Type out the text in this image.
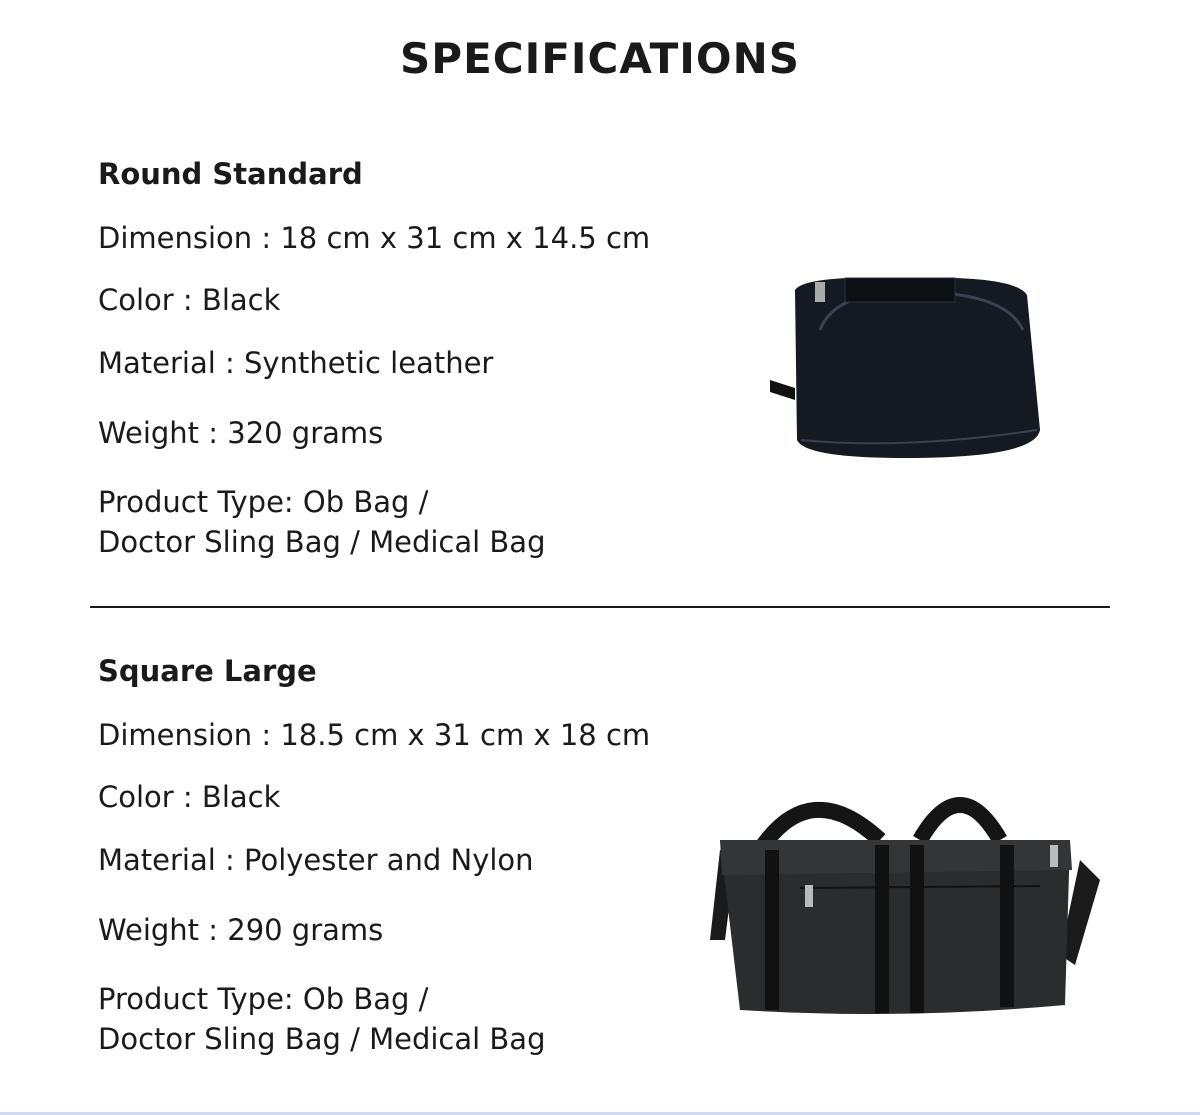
SPECIFICATIONS
Round Standard
Dimension : 18 cm x 31 cm x 14.5 cm
Color : Black
Material : Synthetic leather
Weight : 320 grams
Product Type: Ob Bag /
Doctor Sling Bag / Medical Bag
Square Large
Dimension : 18.5 cm x 31 cm x 18 cm
Color : Black
Material : Polyester and Nylon
Weight : 290 grams
Product Type: Ob Bag /
Doctor Sling Bag / Medical Bag
